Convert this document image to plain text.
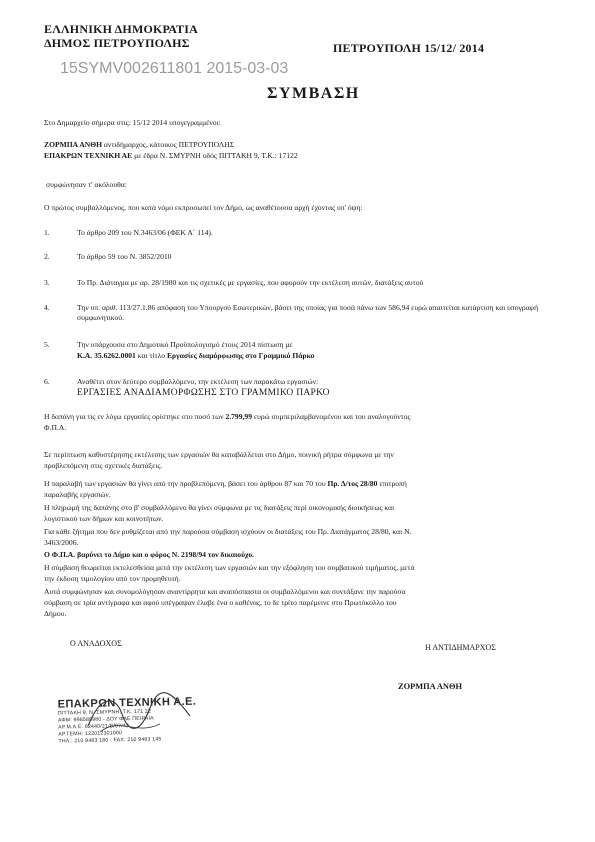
ΕΛΛΗΝΙΚΗ ΔΗΜΟΚΡΑΤΙΑ
ΔΗΜΟΣ ΠΕΤΡΟΥΠΟΛΗΣ	ΠΕΤΡΟΥΠΟΛΗ 15/12/ 2014
15SYMV002611801 2015-03-03
ΣΥΜΒΑΣΗ
Στο Δημαρχείο σήμερα στις: 15/12 2014 υπογεγραμμένοι:
ΖΟΡΜΠΑ ΑΝΘΗ αντιδήμαρχος, κάτοικος ΠΕΤΡΟΥΠΟΛΗΣ
ΕΠΑΚΡΩΝ ΤΕΧΝΙΚΗ ΑΕ με έδρα Ν. ΣΜΥΡΝΗ οδός ΠΙΤΤΑΚΗ 9, Τ.Κ.: 17122
συμφώνησαν τ' ακόλουθα:
Ο πρώτος συμβαλλόμενος, που κατά νόμο εκπροσωπεί τον Δήμο, ως αναθέτουσα αρχή έχοντας υπ' όψη:
1.	Το άρθρο 209 του Ν.3463/06 (ΦΕΚ Α΄ 114).
2.	Το άρθρο 59 του Ν. 3852/2010
3.	Το Πρ. Διάταγμα με αρ. 28/1980 και τις σχετικές με εργασίες, που αφορούν την εκτέλεση αυτών, διατάξεις αυτού
4.	Την υπ. αριθ. 113/27.1.86 απόφαση του Υπουργού Εσωτερικών, βάσει της οποίας για ποσά πάνω των 586,94 ευρώ απαιτείται κατάρτιση και υπογραφή συμφωνητικού.
5.	Την υπάρχουσα στο Δημοτικό Προϋπολογισμό έτους 2014 πίστωση με
Κ.Α. 35.6262.0001 και τίτλο Εργασίες διαμόρφωσης στο Γραμμικό Πάρκο
6.	Αναθέτει στον δεύτερο συμβαλλόμενο, την εκτέλεση των παρακάτω εργασιών:
ΕΡΓΑΣΙΕΣ ΑΝΑΔΙΑΜΟΡΦΩΣΗΣ ΣΤΟ ΓΡΑΜΜΙΚΟ ΠΑΡΚΟ
Η δαπάνη για τις εν λόγω εργασίες ορίστηκε στο ποσό των 2.799,99 ευρώ συμπεριλαμβανομένου και του αναλογούντος
Φ.Π.Α.
Σε περίπτωση καθυστέρησης εκτέλεσης των εργασιών θα καταβάλλεται στο Δήμο, ποινική ρήτρα σύμφωνα με την
προβλεπόμενη στις σχετικές διατάξεις.
Η παραλαβή των εργασιών θα γίνει από την προβλεπόμενη, βάσει του άρθρου 87 και 70 του Πρ. Δ/τος 28/80 επιτροπή
παραλαβής εργασιών.
Η πληρωμή της δαπάνης στο β' συμβαλλόμενο θα γίνει σύμφωνα με τις διατάξεις περί οικονομικής διοικήσεως και
λογιστικού των δήμων και κοινοτήτων.
Για κάθε ζήτημα που δεν ρυθμίζεται από την παρούσα σύμβαση ισχύουν οι διατάξεις του Πρ. Διατάγματος 28/80, και Ν.
3463/2006.
Ο Φ.Π.Α. βαρύνει το Δήμο και ο φόρος Ν. 2198/94 τον δικαιούχο.
Η σύμβαση θεωρείται εκτελεσθείσα μετά την εκτέλεση των εργασιών και την εξόφληση του συμβατικού τιμήματος, μετά
την έκδοση τιμολογίου από τον προμηθευτή.
Αυτά συμφώνησαν και συνομολόγησαν αναντίρρητα και αναπόσπαστα οι συμβαλλόμενοι και συντάξανε την παρούσα
σύμβαση σε τρία αντίγραφα και αφού υπέγραψαν έλαβε ένα ο καθένας, το δε τρίτο παρέμεινε στο Πρωτόκολλο του
Δήμου.
Ο ΑΝΑΔΟΧΟΣ	Η ΑΝΤΙΔΗΜΑΡΧΟΣ
ΖΟΡΜΠΑ ΑΝΘΗ
ΕΠΑΚΡΩΝ ΤΕΧΝΙΚΗ Α.Ε.
ΠΙΤΤΑΚΗ 9, Ν. ΣΜΥΡΝΗ, Τ.Κ. 171 22
ΑΦΜ: 998580980 - ΔΟΥ ΦΑΕ ΠΕΙΡΑΙΑ
ΑΡ.Μ.Α.Ε. 62440/21/Β/07/42
ΑΡ.ΓΕΜΗ: 122012301000
ΤΗΛ.: 210 9483 180 - FAX: 210 9483 145
